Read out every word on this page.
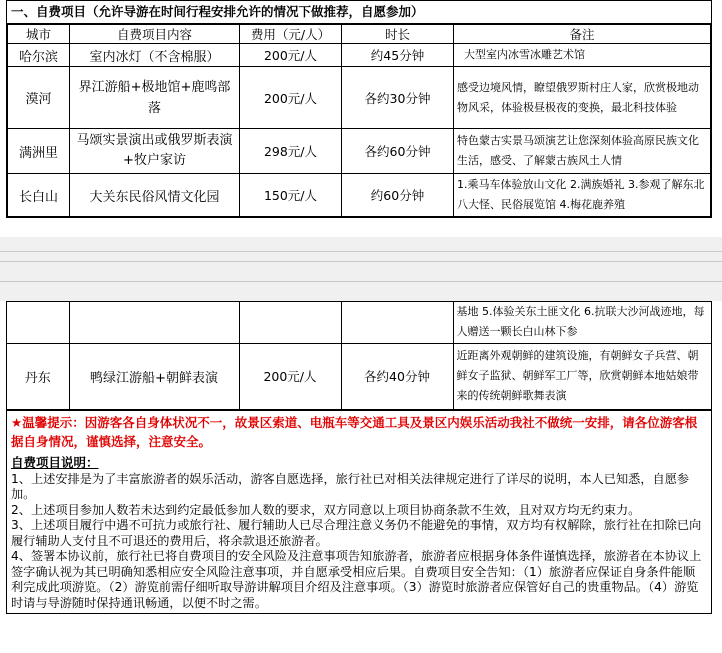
一、自费项目（允许导游在时间行程安排允许的情况下做推荐，自愿参加）
城市	自费项目内容	费用（元/人）	时长	备注
哈尔滨	室内冰灯（不含棉服）	200元/人	约45分钟	大型室内冰雪冰雕艺术馆
漠河	界江游船+极地馆+鹿鸣部落	200元/人	各约30分钟	感受边境风情，瞭望俄罗斯村庄人家，欣赏极地动物风采，体验极昼极夜的变换，最北科技体验
满洲里	马颂实景演出或俄罗斯表演+牧户家访	298元/人	各约60分钟	特色蒙古实景马颂演艺让您深刻体验高原民族文化生活，感受、了解蒙古族风土人情
长白山	大关东民俗风情文化园	150元/人	约60分钟	1.乘马车体验放山文化 2.满族婚礼 3.参观了解东北八大怪、民俗展览馆 4.梅花鹿养殖
				基地 5.体验关东土匪文化 6.抗联大沙河战迹地，每人赠送一颗长白山林下参
丹东	鸭绿江游船+朝鲜表演	200元/人	各约40分钟	近距离外观朝鲜的建筑设施，有朝鲜女子兵营、朝鲜女子监狱、朝鲜军工厂等，欣赏朝鲜本地姑娘带来的传统朝鲜歌舞表演
★温馨提示：因游客各自身体状况不一，故景区索道、电瓶车等交通工具及景区内娱乐活动我社不做统一安排，请各位游客根据自身情况，谨慎选择，注意安全。
自费项目说明：

1、上述安排是为了丰富旅游者的娱乐活动，游客自愿选择，旅行社已对相关法律规定进行了详尽的说明，本人已知悉，自愿参加。

2、上述项目参加人数若未达到约定最低参加人数的要求，双方同意以上项目协商条款不生效，且对双方均无约束力。

3、上述项目履行中遇不可抗力或旅行社、履行辅助人已尽合理注意义务仍不能避免的事情，双方均有权解除，旅行社在扣除已向履行辅助人支付且不可退还的费用后，将余款退还旅游者。

4、签署本协议前，旅行社已将自费项目的安全风险及注意事项告知旅游者，旅游者应根据身体条件谨慎选择，旅游者在本协议上签字确认视为其已明确知悉相应安全风险注意事项，并自愿承受相应后果。自费项目安全告知：（1）旅游者应保证自身条件能顺利完成此项游览。（2）游览前需仔细听取导游讲解项目介绍及注意事项。（3）游览时旅游者应保管好自己的贵重物品。（4）游览时请与导游随时保持通讯畅通，以便不时之需。
